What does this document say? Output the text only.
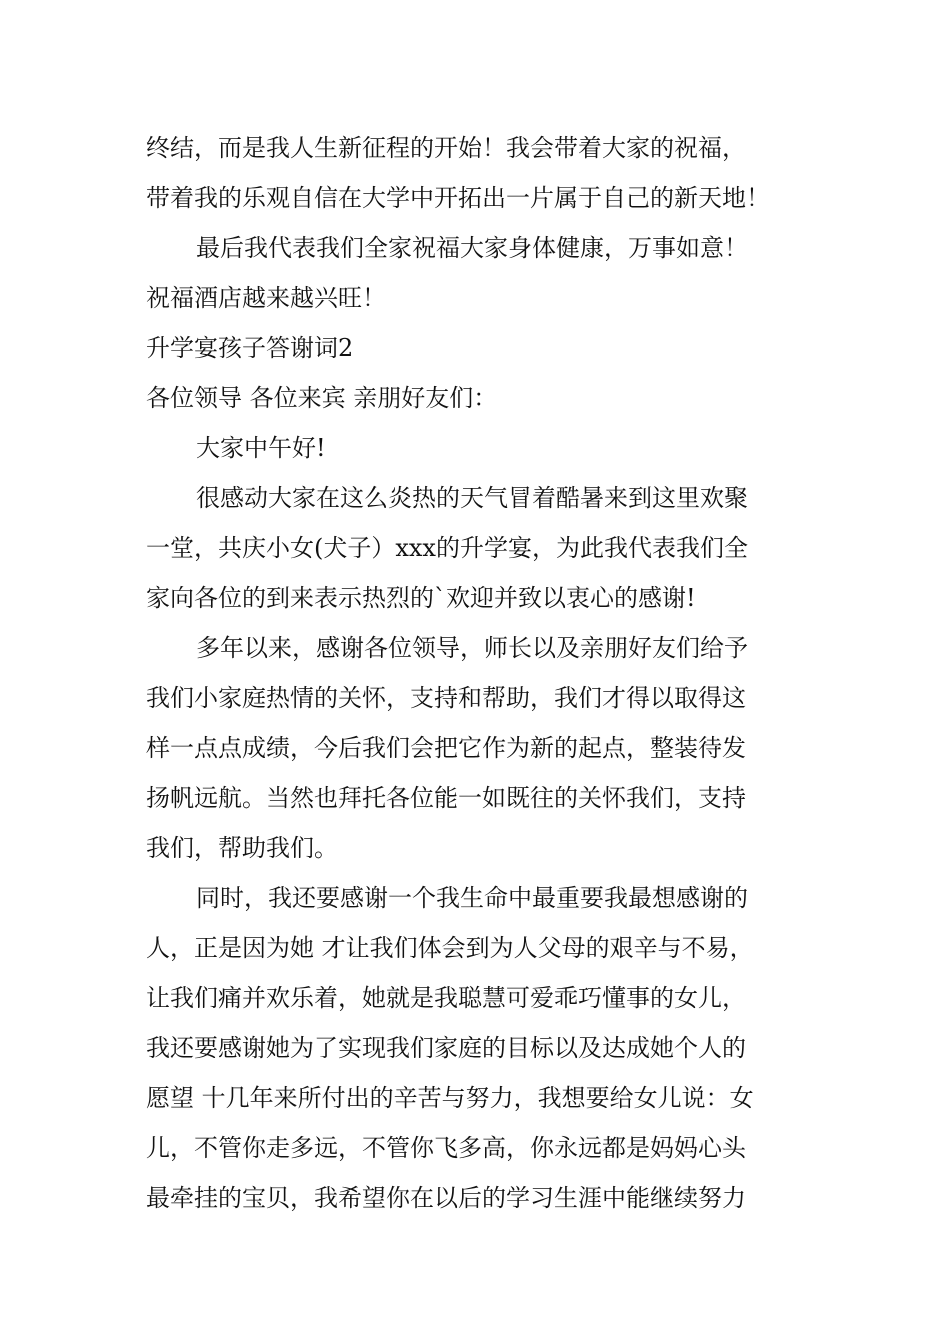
终结，而是我人生新征程的开始！我会带着大家的祝福，
带着我的乐观自信在大学中开拓出一片属于自己的新天地！
最后我代表我们全家祝福大家身体健康，万事如意！
祝福酒店越来越兴旺！
升学宴孩子答谢词2
各位领导 各位来宾 亲朋好友们：
大家中午好!
很感动大家在这么炎热的天气冒着酷暑来到这里欢聚
一堂，共庆小女(犬子）xxx的升学宴，为此我代表我们全
家向各位的到来表示热烈的`欢迎并致以衷心的感谢!
多年以来，感谢各位领导，师长以及亲朋好友们给予
我们小家庭热情的关怀，支持和帮助，我们才得以取得这
样一点点成绩，今后我们会把它作为新的起点，整装待发
扬帆远航。当然也拜托各位能一如既往的关怀我们，支持
我们，帮助我们。
同时，我还要感谢一个我生命中最重要我最想感谢的
人，正是因为她 才让我们体会到为人父母的艰辛与不易，
让我们痛并欢乐着，她就是我聪慧可爱乖巧懂事的女儿，
我还要感谢她为了实现我们家庭的目标以及达成她个人的
愿望 十几年来所付出的辛苦与努力，我想要给女儿说：女
儿，不管你走多远，不管你飞多高，你永远都是妈妈心头
最牵挂的宝贝，我希望你在以后的学习生涯中能继续努力
